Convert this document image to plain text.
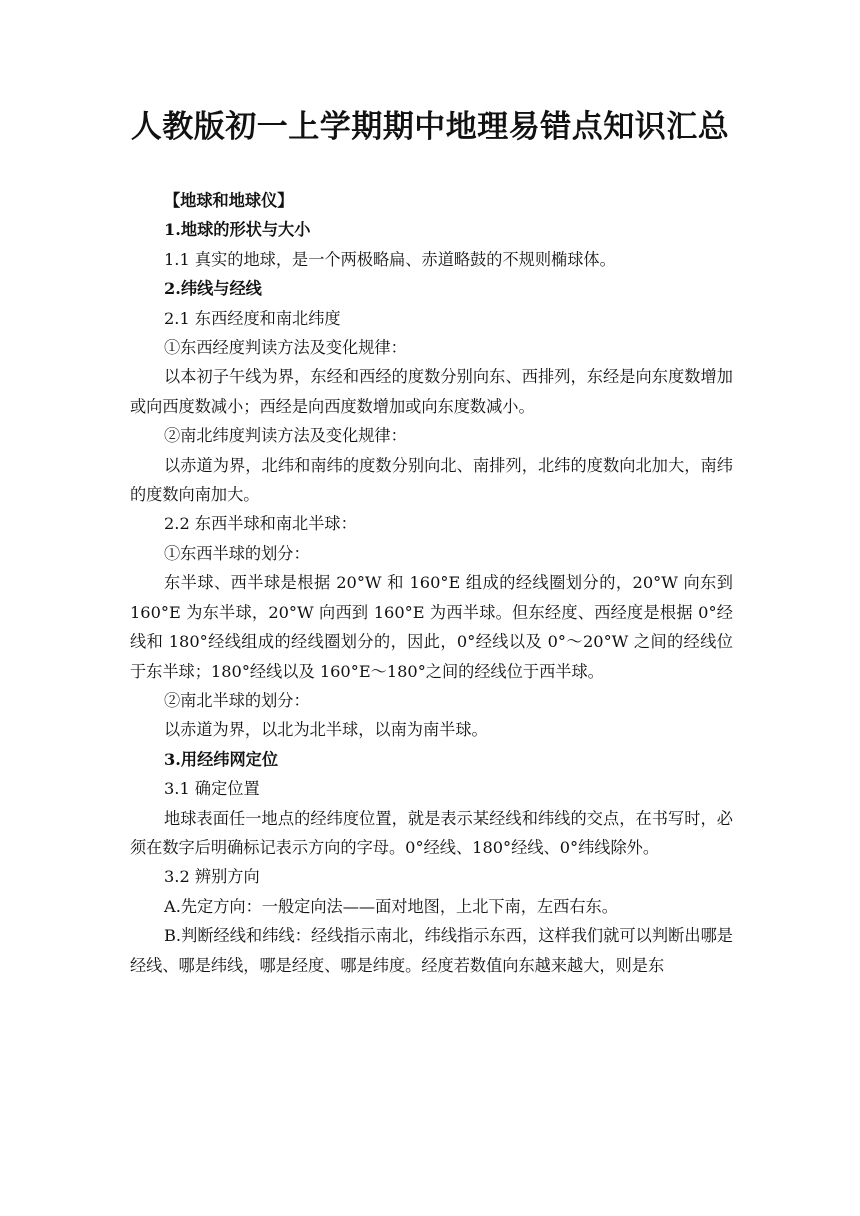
人教版初一上学期期中地理易错点知识汇总

【地球和地球仪】

1.地球的形状与大小

1.1 真实的地球，是一个两极略扁、赤道略鼓的不规则椭球体。

2.纬线与经线

2.1 东西经度和南北纬度

①东西经度判读方法及变化规律：

以本初子午线为界，东经和西经的度数分别向东、西排列，东经是向东度数增加或向西度数减小；西经是向西度数增加或向东度数减小。

②南北纬度判读方法及变化规律：

以赤道为界，北纬和南纬的度数分别向北、南排列，北纬的度数向北加大，南纬的度数向南加大。

2.2 东西半球和南北半球：

①东西半球的划分：

东半球、西半球是根据 20°W 和 160°E 组成的经线圈划分的，20°W 向东到 160°E 为东半球，20°W 向西到 160°E 为西半球。但东经度、西经度是根据 0°经线和 180°经线组成的经线圈划分的，因此，0°经线以及 0°～20°W 之间的经线位于东半球；180°经线以及 160°E～180°之间的经线位于西半球。

②南北半球的划分：

以赤道为界，以北为北半球，以南为南半球。

3.用经纬网定位

3.1 确定位置

地球表面任一地点的经纬度位置，就是表示某经线和纬线的交点，在书写时，必须在数字后明确标记表示方向的字母。0°经线、180°经线、0°纬线除外。

3.2 辨别方向

A.先定方向：一般定向法——面对地图，上北下南，左西右东。

B.判断经线和纬线：经线指示南北，纬线指示东西，这样我们就可以判断出哪是经线、哪是纬线，哪是经度、哪是纬度。经度若数值向东越来越大，则是东
